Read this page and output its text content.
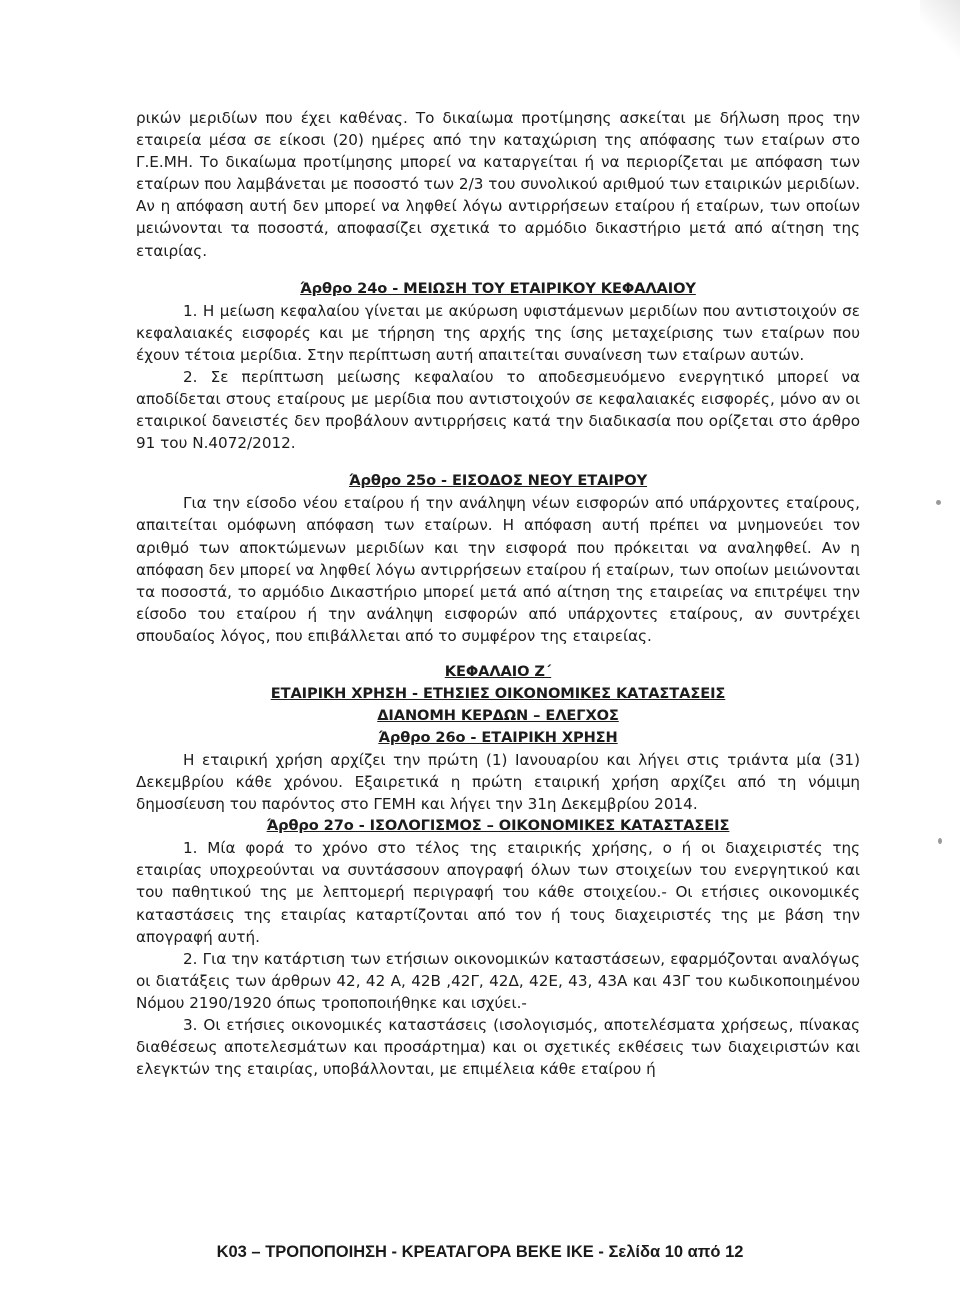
ρικών μεριδίων που έχει καθένας. Το δικαίωμα προτίμησης ασκείται με δήλωση προς την εταιρεία μέσα σε είκοσι (20) ημέρες από την καταχώριση της απόφασης των εταίρων στο Γ.Ε.ΜΗ. Το δικαίωμα προτίμησης μπορεί να καταργείται ή να περιορίζεται με απόφαση των εταίρων που λαμβάνεται με ποσοστό των 2/3 του συνολικού αριθμού των εταιρικών μεριδίων. Αν η απόφαση αυτή δεν μπορεί να ληφθεί λόγω αντιρρήσεων εταίρου ή εταίρων, των οποίων μειώνονται τα ποσοστά, αποφασίζει σχετικά το αρμόδιο δικαστήριο μετά από αίτηση της εταιρίας.

Άρθρο 24ο - ΜΕΙΩΣΗ ΤΟΥ ΕΤΑΙΡΙΚΟΥ ΚΕΦΑΛΑΙΟΥ

1. Η μείωση κεφαλαίου γίνεται με ακύρωση υφιστάμενων μεριδίων που αντιστοιχούν σε κεφαλαιακές εισφορές και με τήρηση της αρχής της ίσης μεταχείρισης των εταίρων που έχουν τέτοια μερίδια. Στην περίπτωση αυτή απαιτείται συναίνεση των εταίρων αυτών.

2. Σε περίπτωση μείωσης κεφαλαίου το αποδεσμευόμενο ενεργητικό μπορεί να αποδίδεται στους εταίρους με μερίδια που αντιστοιχούν σε κεφαλαιακές εισφορές, μόνο αν οι εταιρικοί δανειστές δεν προβάλουν αντιρρήσεις κατά την διαδικασία που ορίζεται στο άρθρο 91 του Ν.4072/2012.

Άρθρο 25ο - ΕΙΣΟΔΟΣ ΝΕΟΥ ΕΤΑΙΡΟΥ

Για την είσοδο νέου εταίρου ή την ανάληψη νέων εισφορών από υπάρχοντες εταίρους, απαιτείται ομόφωνη απόφαση των εταίρων. Η απόφαση αυτή πρέπει να μνημονεύει τον αριθμό των αποκτώμενων μεριδίων και την εισφορά που πρόκειται να αναληφθεί. Αν η απόφαση δεν μπορεί να ληφθεί λόγω αντιρρήσεων εταίρου ή εταίρων, των οποίων μειώνονται τα ποσοστά, το αρμόδιο Δικαστήριο μπορεί μετά από αίτηση της εταιρείας να επιτρέψει την είσοδο του εταίρου ή την ανάληψη εισφορών από υπάρχοντες εταίρους, αν συντρέχει σπουδαίος λόγος, που επιβάλλεται από το συμφέρον της εταιρείας.

ΚΕΦΑΛΑΙΟ Ζ΄
ΕΤΑΙΡΙΚΗ ΧΡΗΣΗ - ΕΤΗΣΙΕΣ ΟΙΚΟΝΟΜΙΚΕΣ ΚΑΤΑΣΤΑΣΕΙΣ
ΔΙΑΝΟΜΗ ΚΕΡΔΩΝ – ΕΛΕΓΧΟΣ
Άρθρο 26ο - ΕΤΑΙΡΙΚΗ ΧΡΗΣΗ

Η εταιρική χρήση αρχίζει την πρώτη (1) Ιανουαρίου και λήγει στις τριάντα μία (31) Δεκεμβρίου κάθε χρόνου. Εξαιρετικά η πρώτη εταιρική χρήση αρχίζει από τη νόμιμη δημοσίευση του παρόντος στο ΓΕΜΗ και λήγει την 31η Δεκεμβρίου 2014.

Άρθρο 27ο - ΙΣΟΛΟΓΙΣΜΟΣ – ΟΙΚΟΝΟΜΙΚΕΣ ΚΑΤΑΣΤΑΣΕΙΣ

1. Μία φορά το χρόνο στο τέλος της εταιρικής χρήσης, ο ή οι διαχειριστές της εταιρίας υποχρεούνται να συντάσσουν απογραφή όλων των στοιχείων του ενεργητικού και του παθητικού της με λεπτομερή περιγραφή του κάθε στοιχείου.- Οι ετήσιες οικονομικές καταστάσεις της εταιρίας καταρτίζονται από τον ή τους διαχειριστές της με βάση την απογραφή αυτή.

2. Για την κατάρτιση των ετήσιων οικονομικών καταστάσεων, εφαρμόζονται αναλόγως οι διατάξεις των άρθρων 42, 42 Α, 42Β ,42Γ, 42Δ, 42Ε, 43, 43Α και 43Γ του κωδικοποιημένου Νόμου 2190/1920 όπως τροποποιήθηκε και ισχύει.-

3. Οι ετήσιες οικονομικές καταστάσεις (ισολογισμός, αποτελέσματα χρήσεως, πίνακας διαθέσεως αποτελεσμάτων και προσάρτημα) και οι σχετικές εκθέσεις των διαχειριστών και ελεγκτών της εταιρίας, υποβάλλονται, με επιμέλεια κάθε εταίρου ή

Κ03 – ΤΡΟΠΟΠΟΙΗΣΗ - ΚΡΕΑΤΑΓΟΡΑ ΒΕΚΕ ΙΚΕ - Σελίδα 10 από 12
